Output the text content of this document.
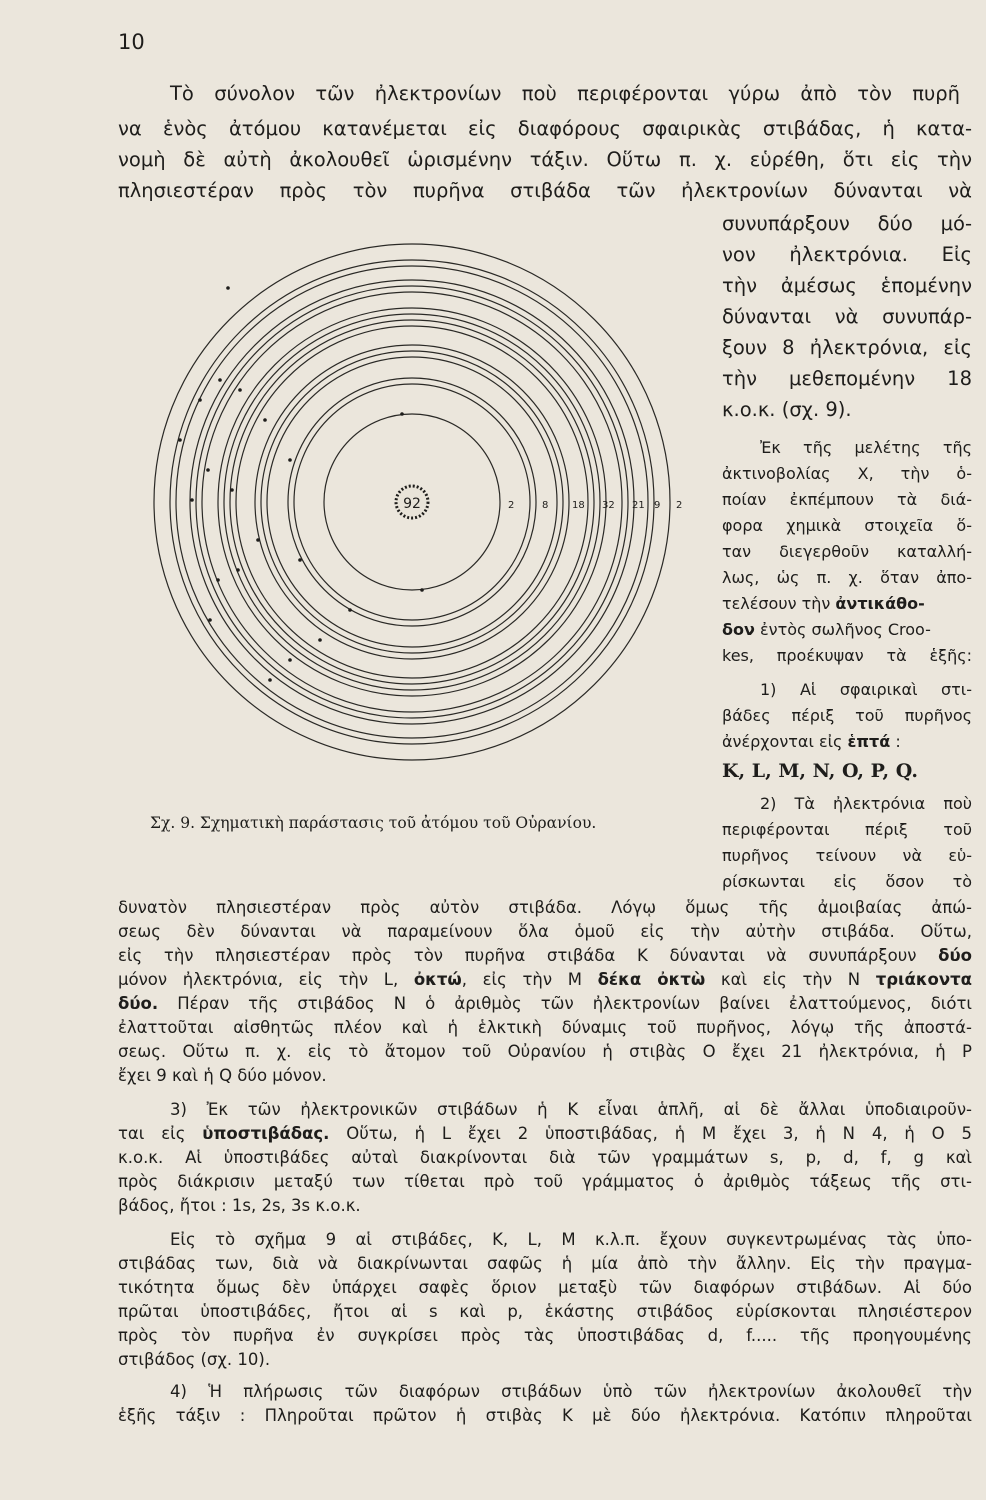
10
Τὸ σύνολον τῶν ἠλεκτρονίων ποὺ περιφέρονται γύρω ἀπὸ τὸν πυρῆ
να ἑνὸς ἀτόμου κατανέμεται εἰς διαφόρους σφαιρικὰς στιβάδας, ἡ κατα-
νομὴ δὲ αὐτὴ ἀκολουθεῖ ὡρισμένην τάξιν. Οὕτω π. χ. εὑρέθη, ὅτι εἰς τὴν
πλησιεστέραν πρὸς τὸν πυρῆνα στιβάδα τῶν ἠλεκτρονίων δύνανται νὰ
συνυπάρξουν δύο μό-
νον ἠλεκτρόνια. Εἰς
τὴν ἀμέσως ἑπομένην
δύνανται νὰ συνυπάρ-
ξουν 8 ἠλεκτρόνια, εἰς
τὴν μεθεπομένην 18
κ.ο.κ. (σχ. 9).
Ἐκ τῆς μελέτης τῆς
ἀκτινοβολίας Χ, τὴν ὁ-
ποίαν ἐκπέμπουν τὰ διά-
φορα χημικὰ στοιχεῖα ὅ-
ταν διεγερθοῦν καταλλή-
λως, ὡς π. χ. ὅταν ἀπο-
τελέσουν τὴν ἀντικάθο-
δον ἐντὸς σωλῆνος Croo-
kes, προέκυψαν τὰ ἑξῆς:
1) Αἱ σφαιρικαὶ στι-
βάδες πέριξ τοῦ πυρῆνος
ἀνέρχονται εἰς ἑπτά :
K, L, M, N, O, P, Q.
2) Τὰ ἠλεκτρόνια ποὺ
περιφέρονται πέριξ τοῦ
πυρῆνος τείνουν νὰ εὑ-
ρίσκωνται εἰς ὅσον τὸ
92	2	8 18 32 21 9 2
Σχ. 9. Σχηματικὴ παράστασις τοῦ ἀτόμου τοῦ Οὐρανίου.
δυνατὸν πλησιεστέραν πρὸς αὐτὸν στιβάδα. Λόγῳ ὅμως τῆς ἀμοιβαίας ἀπώ-
σεως δὲν δύνανται νὰ παραμείνουν ὅλα ὁμοῦ εἰς τὴν αὐτὴν στιβάδα. Οὕτω,
εἰς τὴν πλησιεστέραν πρὸς τὸν πυρῆνα στιβάδα Κ δύνανται νὰ συνυπάρξουν δύο
μόνον ἠλεκτρόνια, εἰς τὴν L, ὀκτώ, εἰς τὴν Μ δέκα ὀκτὼ καὶ εἰς τὴν Ν τριάκοντα
δύο. Πέραν τῆς στιβάδος Ν ὁ ἀριθμὸς τῶν ἠλεκτρονίων βαίνει ἐλαττούμενος, διότι
ἐλαττοῦται αἰσθητῶς πλέον καὶ ἡ ἑλκτικὴ δύναμις τοῦ πυρῆνος, λόγῳ τῆς ἀποστά-
σεως. Οὕτω π. χ. εἰς τὸ ἄτομον τοῦ Οὐρανίου ἡ στιβὰς Ο ἔχει 21 ἠλεκτρόνια, ἡ Ρ
ἔχει 9 καὶ ἡ Q δύο μόνον.
3) Ἐκ τῶν ἠλεκτρονικῶν στιβάδων ἡ Κ εἶναι ἁπλῆ, αἱ δὲ ἄλλαι ὑποδιαιροῦν-
ται εἰς ὑποστιβάδας. Οὕτω, ἡ L ἔχει 2 ὑποστιβάδας, ἡ Μ ἔχει 3, ἡ Ν 4, ἡ Ο 5
κ.ο.κ. Αἱ ὑποστιβάδες αὐταὶ διακρίνονται διὰ τῶν γραμμάτων s, p, d, f, g καὶ
πρὸς διάκρισιν μεταξύ των τίθεται πρὸ τοῦ γράμματος ὁ ἀριθμὸς τάξεως τῆς στι-
βάδος, ἤτοι : 1s, 2s, 3s κ.ο.κ.
Εἰς τὸ σχῆμα 9 αἱ στιβάδες, Κ, L, Μ κ.λ.π. ἔχουν συγκεντρωμένας τὰς ὑπο-
στιβάδας των, διὰ νὰ διακρίνωνται σαφῶς ἡ μία ἀπὸ τὴν ἄλλην. Εἰς τὴν πραγμα-
τικότητα ὅμως δὲν ὑπάρχει σαφὲς ὅριον μεταξὺ τῶν διαφόρων στιβάδων. Αἱ δύο
πρῶται ὑποστιβάδες, ἤτοι αἱ s καὶ p, ἑκάστης στιβάδος εὑρίσκονται πλησιέστερον
πρὸς τὸν πυρῆνα ἐν συγκρίσει πρὸς τὰς ὑποστιβάδας d, f..... τῆς προηγουμένης
στιβάδος (σχ. 10).
4) Ἡ πλήρωσις τῶν διαφόρων στιβάδων ὑπὸ τῶν ἠλεκτρονίων ἀκολουθεῖ τὴν
ἑξῆς τάξιν : Πληροῦται πρῶτον ἡ στιβὰς Κ μὲ δύο ἠλεκτρόνια. Κατόπιν πληροῦται
